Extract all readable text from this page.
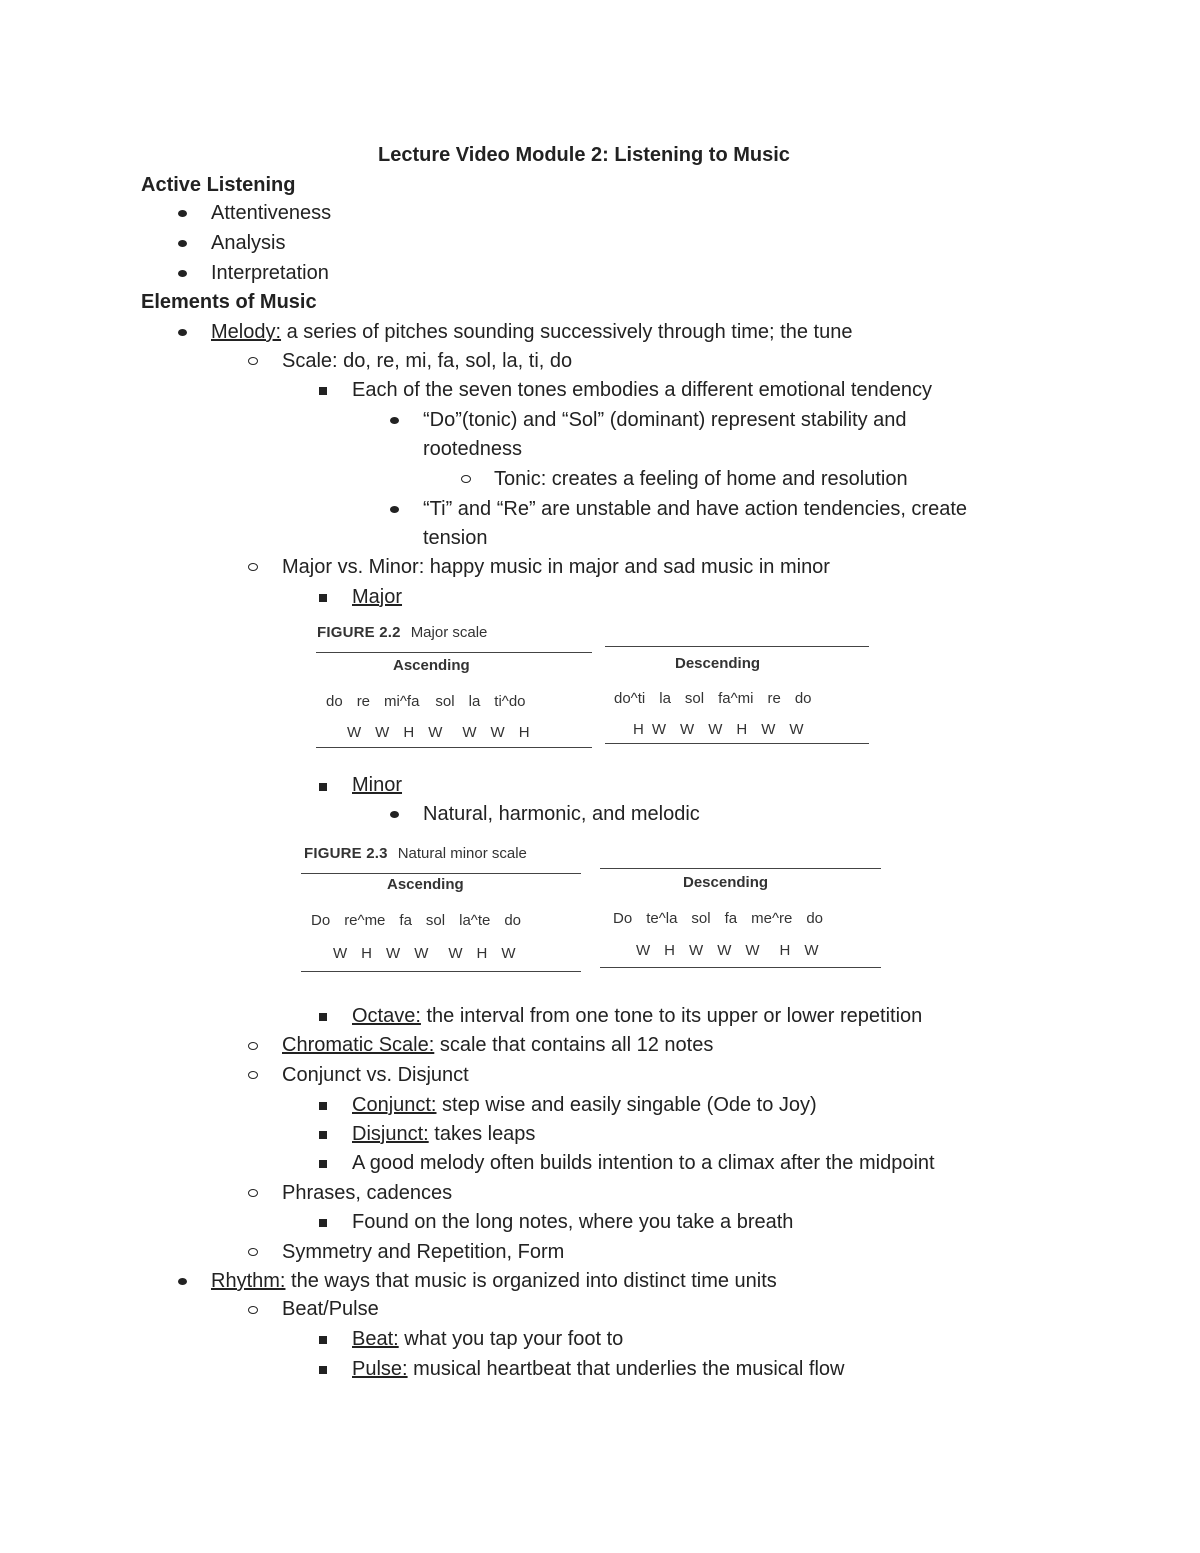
Lecture Video Module 2: Listening to Music
Active Listening
Attentiveness
Analysis
Interpretation
Elements of Music
Melody: a series of pitches sounding successively through time; the tune
Scale: do, re, mi, fa, sol, la, ti, do
Each of the seven tones embodies a different emotional tendency
“Do”(tonic) and “Sol” (dominant) represent stability and
rootedness
Tonic: creates a feeling of home and resolution
“Ti” and “Re” are unstable and have action tendencies, create
tension
Major vs. Minor: happy music in major and sad music in minor
Major
FIGURE 2.2 Major scale
Ascending	Descending
do re mi^fa sol la ti^do	do^ti la sol fa^mi re do
W W H W W W H	H W W W H W W
Minor
Natural, harmonic, and melodic
FIGURE 2.3 Natural minor scale
Ascending	Descending
Do re^me fa sol la^te do	Do te^la sol fa me^re do
W H W W W H W	W H W W W H W
Octave: the interval from one tone to its upper or lower repetition
Chromatic Scale: scale that contains all 12 notes
Conjunct vs. Disjunct
Conjunct: step wise and easily singable (Ode to Joy)
Disjunct: takes leaps
A good melody often builds intention to a climax after the midpoint
Phrases, cadences
Found on the long notes, where you take a breath
Symmetry and Repetition, Form
Rhythm: the ways that music is organized into distinct time units
Beat/Pulse
Beat: what you tap your foot to
Pulse: musical heartbeat that underlies the musical flow
